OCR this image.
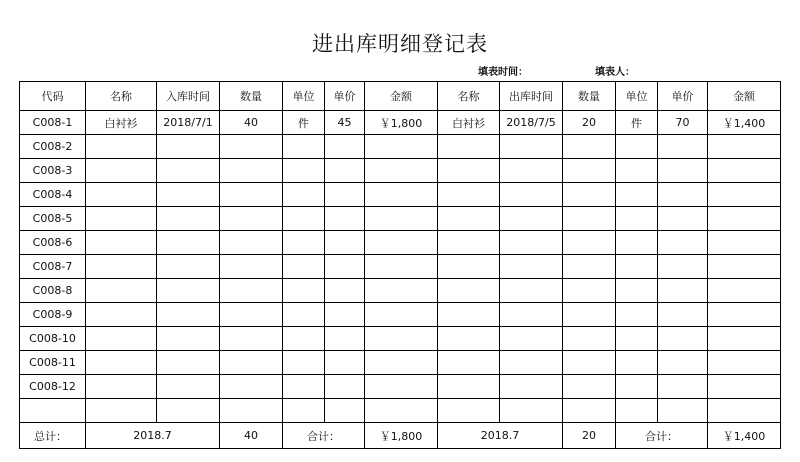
进出库明细登记表
填表时间：	填表人：
代码	名称	入库时间	数量	单位	单价	金额	名称	出库时间	数量	单位	单价	金额
C008-1	白衬衫	2018/7/1	40	件	45	￥1,800	白衬衫	2018/7/5	20	件	70	￥1,400
C008-2												
C008-3												
C008-4												
C008-5												
C008-6												
C008-7												
C008-8												
C008-9												
C008-10												
C008-11												
C008-12												

总计：	2018.7		40	合计：		￥1,800	2018.7		20	合计：		￥1,400
